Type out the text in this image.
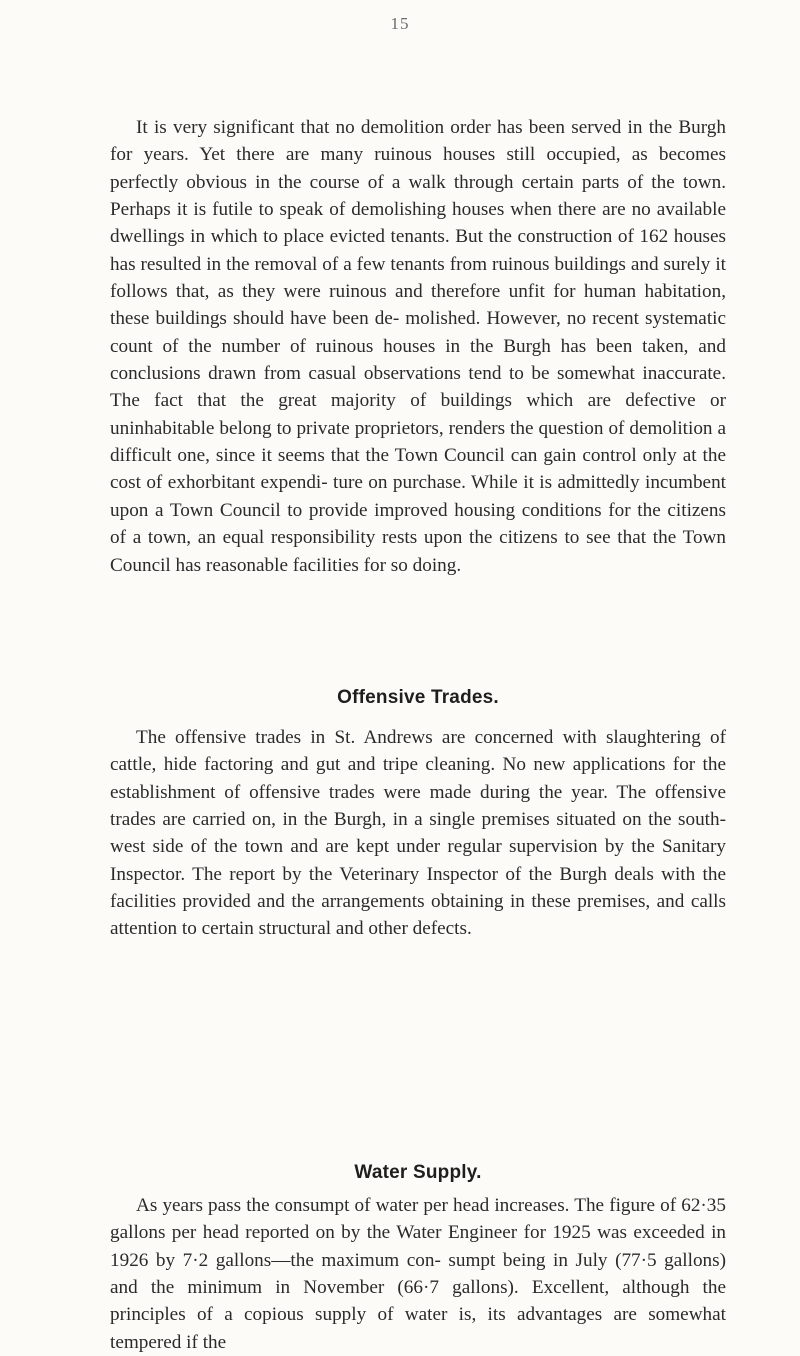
15

It is very significant that no demolition order has been served in the Burgh for years. Yet there are many ruinous houses still occupied, as becomes perfectly obvious in the course of a walk through certain parts of the town. Perhaps it is futile to speak of demolishing houses when there are no available dwellings in which to place evicted tenants. But the construction of 162 houses has resulted in the removal of a few tenants from ruinous buildings and surely it follows that, as they were ruinous and therefore unfit for human habitation, these buildings should have been de- molished. However, no recent systematic count of the number of ruinous houses in the Burgh has been taken, and conclusions drawn from casual observations tend to be somewhat inaccurate. The fact that the great majority of buildings which are defective or uninhabitable belong to private proprietors, renders the question of demolition a difficult one, since it seems that the Town Council can gain control only at the cost of exhorbitant expendi- ture on purchase. While it is admittedly incumbent upon a Town Council to provide improved housing conditions for the citizens of a town, an equal responsibility rests upon the citizens to see that the Town Council has reasonable facilities for so doing.

Offensive Trades.

The offensive trades in St. Andrews are concerned with slaughtering of cattle, hide factoring and gut and tripe cleaning. No new applications for the establishment of offensive trades were made during the year. The offensive trades are carried on, in the Burgh, in a single premises situated on the south-west side of the town and are kept under regular supervision by the Sanitary Inspector. The report by the Veterinary Inspector of the Burgh deals with the facilities provided and the arrangements obtaining in these premises, and calls attention to certain structural and other defects.

Water Supply.

As years pass the consumpt of water per head increases. The figure of 62·35 gallons per head reported on by the Water Engineer for 1925 was exceeded in 1926 by 7·2 gallons—the maximum con- sumpt being in July (77·5 gallons) and the minimum in November (66·7 gallons). Excellent, although the principles of a copious supply of water is, its advantages are somewhat tempered if the
